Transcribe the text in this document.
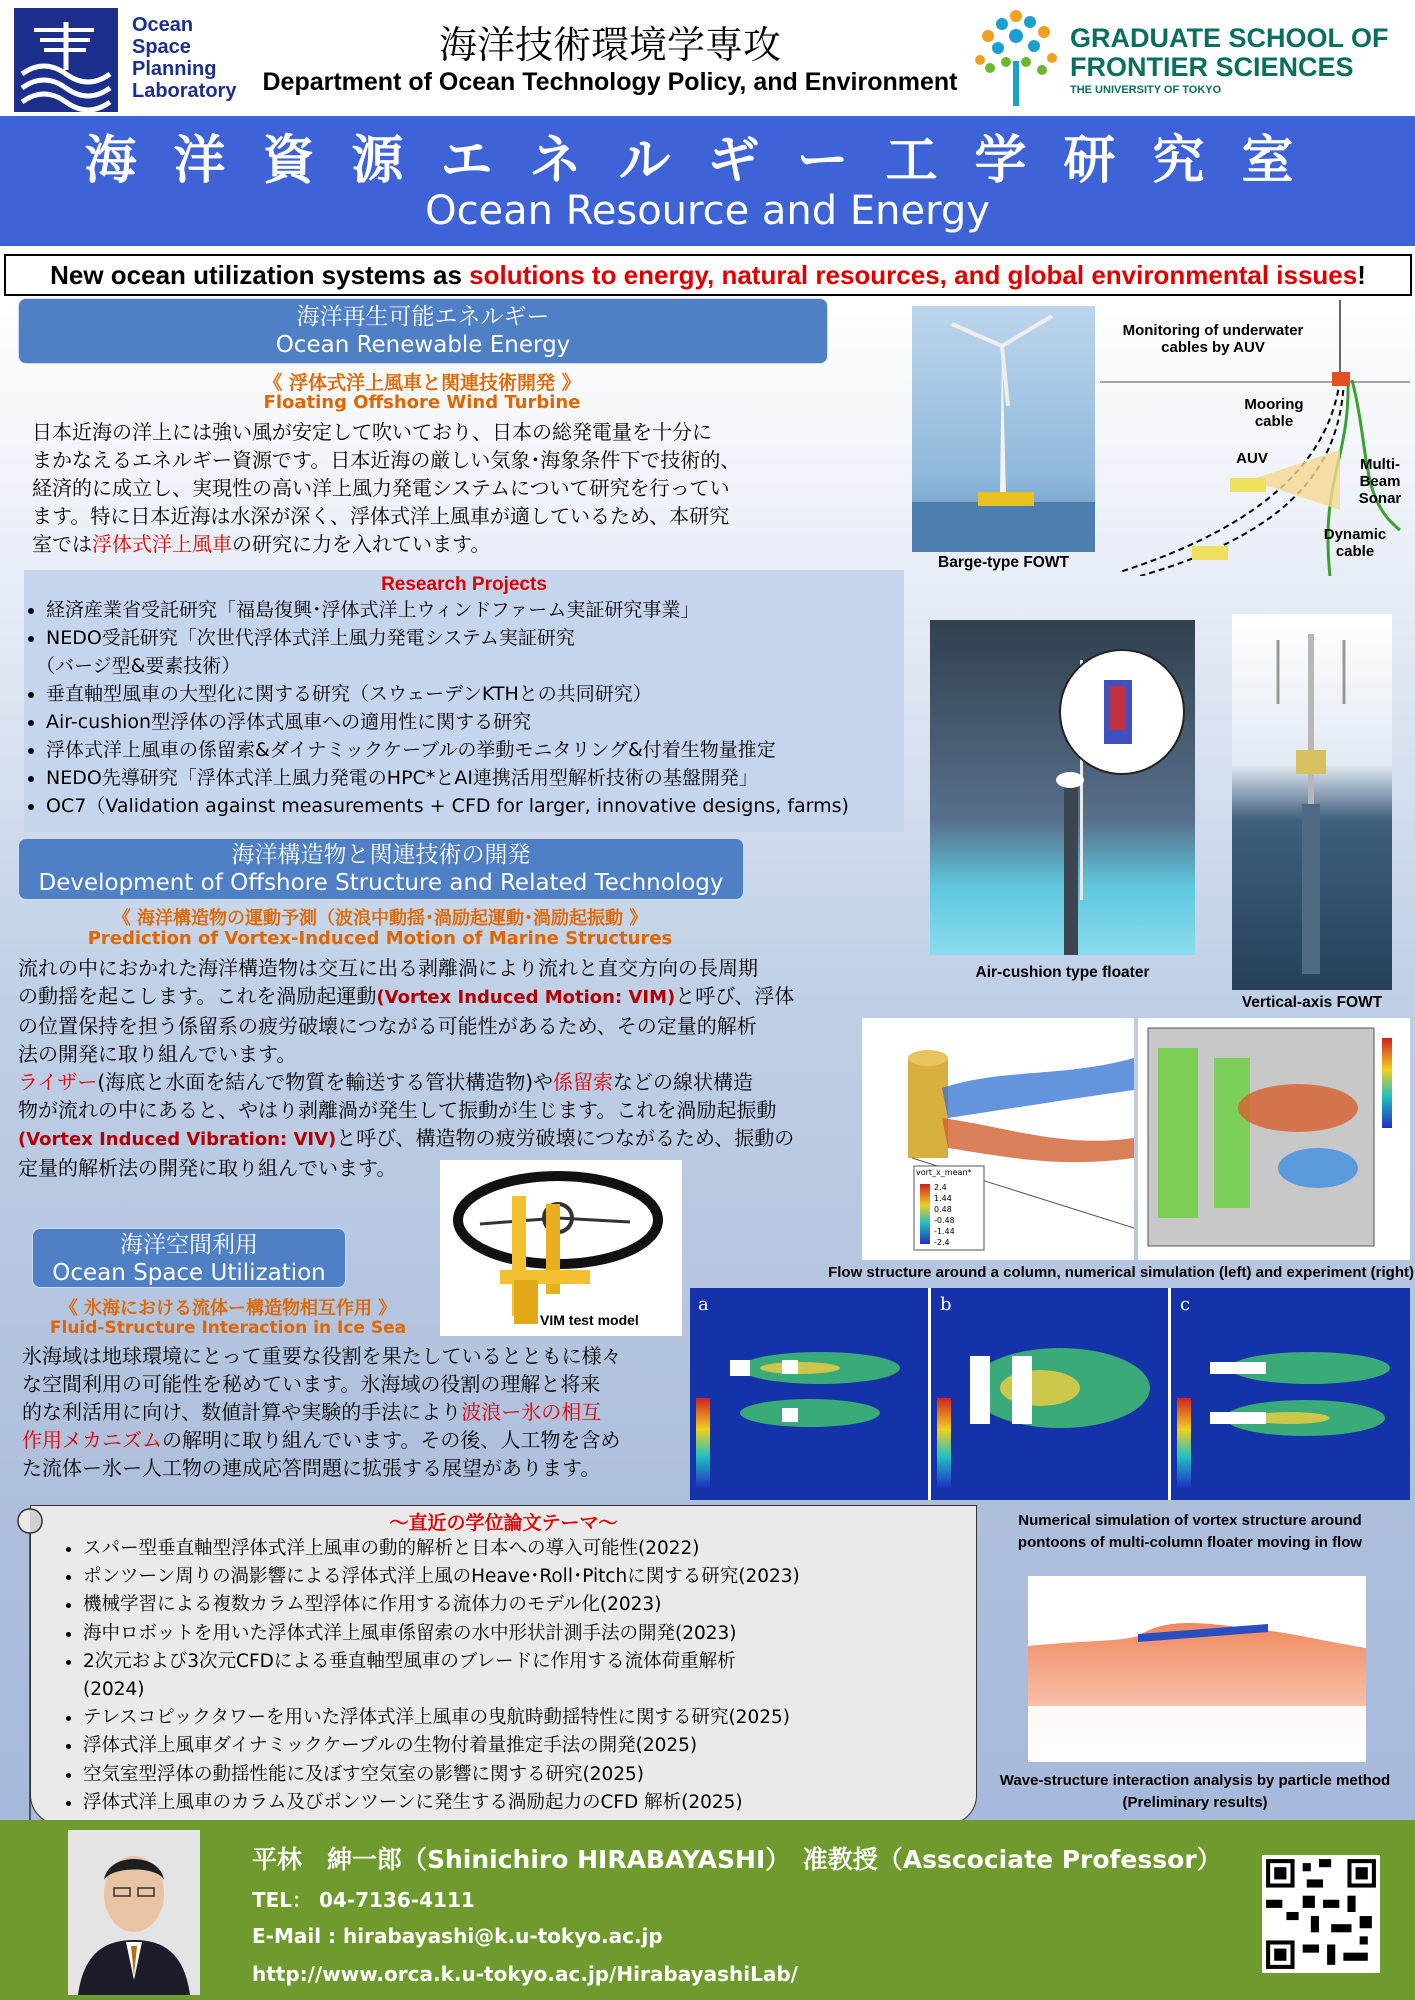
Ocean
Space
Planning
Laboratory
海洋技術環境学専攻
Department of Ocean Technology Policy, and Environment
GRADUATE SCHOOL OF
FRONTIER SCIENCES
THE UNIVERSITY OF TOKYO
海洋資源エネルギー工学研究室
Ocean Resource and Energy
New ocean utilization systems as solutions to energy, natural resources, and global environmental issues!
海洋再生可能エネルギー
Ocean Renewable Energy
《 浮体式洋上風車と関連技術開発 》
Floating Offshore Wind Turbine
日本近海の洋上には強い風が安定して吹いており、日本の総発電量を十分に
まかなえるエネルギー資源です。日本近海の厳しい気象･海象条件下で技術的、
経済的に成立し、実現性の高い洋上風力発電システムについて研究を行ってい
ます。特に日本近海は水深が深く、浮体式洋上風車が適しているため、本研究
室では浮体式洋上風車の研究に力を入れています。
Research Projects
• 経済産業省受託研究「福島復興･浮体式洋上ウィンドファーム実証研究事業」
• NEDO受託研究「次世代浮体式洋上風力発電システム実証研究
（バージ型&要素技術）
• 垂直軸型風車の大型化に関する研究（スウェーデンKTHとの共同研究）
• Air-cushion型浮体の浮体式風車への適用性に関する研究
• 浮体式洋上風車の係留索&ダイナミックケーブルの挙動モニタリング&付着生物量推定
• NEDO先導研究「浮体式洋上風力発電のHPC*とAI連携活用型解析技術の基盤開発」
• OC7（Validation against measurements + CFD for larger, innovative designs, farms)
海洋構造物と関連技術の開発
Development of Offshore Structure and Related Technology
《 海洋構造物の運動予測（波浪中動揺･渦励起運動･渦励起振動 》
Prediction of Vortex-Induced Motion of Marine Structures
流れの中におかれた海洋構造物は交互に出る剥離渦により流れと直交方向の長周期
の動揺を起こします。これを渦励起運動(Vortex Induced Motion: VIM)と呼び、浮体
の位置保持を担う係留系の疲労破壊につながる可能性があるため、その定量的解析
法の開発に取り組んでいます。
ライザー(海底と水面を結んで物質を輸送する管状構造物)や係留索などの線状構造
物が流れの中にあると、やはり剥離渦が発生して振動が生じます。これを渦励起振動
(Vortex Induced Vibration: VIV)と呼び、構造物の疲労破壊につながるため、振動の
定量的解析法の開発に取り組んでいます。
VIM test model
海洋空間利用
Ocean Space Utilization
《 氷海における流体ー構造物相互作用 》
Fluid-Structure Interaction in Ice Sea
氷海域は地球環境にとって重要な役割を果たしているとともに様々
な空間利用の可能性を秘めています。氷海域の役割の理解と将来
的な利活用に向け、数値計算や実験的手法により波浪ー氷の相互
作用メカニズムの解明に取り組んでいます。その後、人工物を含め
た流体ー氷ー人工物の連成応答問題に拡張する展望があります。
Barge-type FOWT
Monitoring of underwater cables by AUV
Mooring cable
AUV	Multi-Beam Sonar
Dynamic cable
Air-cushion type floater
Vertical-axis FOWT
vort_x_mean*
2.4
1.44
0.48
-0.48
-1.44
-2.4
Flow structure around a column, numerical simulation (left) and experiment (right)
a	b	c
Numerical simulation of vortex structure around
pontoons of multi-column floater moving in flow
Wave-structure interaction analysis by particle method
(Preliminary results)
～直近の学位論文テーマ～
• スパー型垂直軸型浮体式洋上風車の動的解析と日本への導入可能性(2022)
• ポンツーン周りの渦影響による浮体式洋上風のHeave･Roll･Pitchに関する研究(2023)
• 機械学習による複数カラム型浮体に作用する流体力のモデル化(2023)
• 海中ロボットを用いた浮体式洋上風車係留索の水中形状計測手法の開発(2023)
• 2次元および3次元CFDによる垂直軸型風車のブレードに作用する流体荷重解析
(2024)
• テレスコピックタワーを用いた浮体式洋上風車の曳航時動揺特性に関する研究(2025)
• 浮体式洋上風車ダイナミックケーブルの生物付着量推定手法の開発(2025)
• 空気室型浮体の動揺性能に及ぼす空気室の影響に関する研究(2025)
• 浮体式洋上風車のカラム及びポンツーンに発生する渦励起力のCFD 解析(2025)
平林　紳一郎（Shinichiro HIRABAYASHI）　准教授（Asscociate Professor）
TEL： 04-7136-4111
E-Mail : hirabayashi@k.u-tokyo.ac.jp
http://www.orca.k.u-tokyo.ac.jp/HirabayashiLab/
